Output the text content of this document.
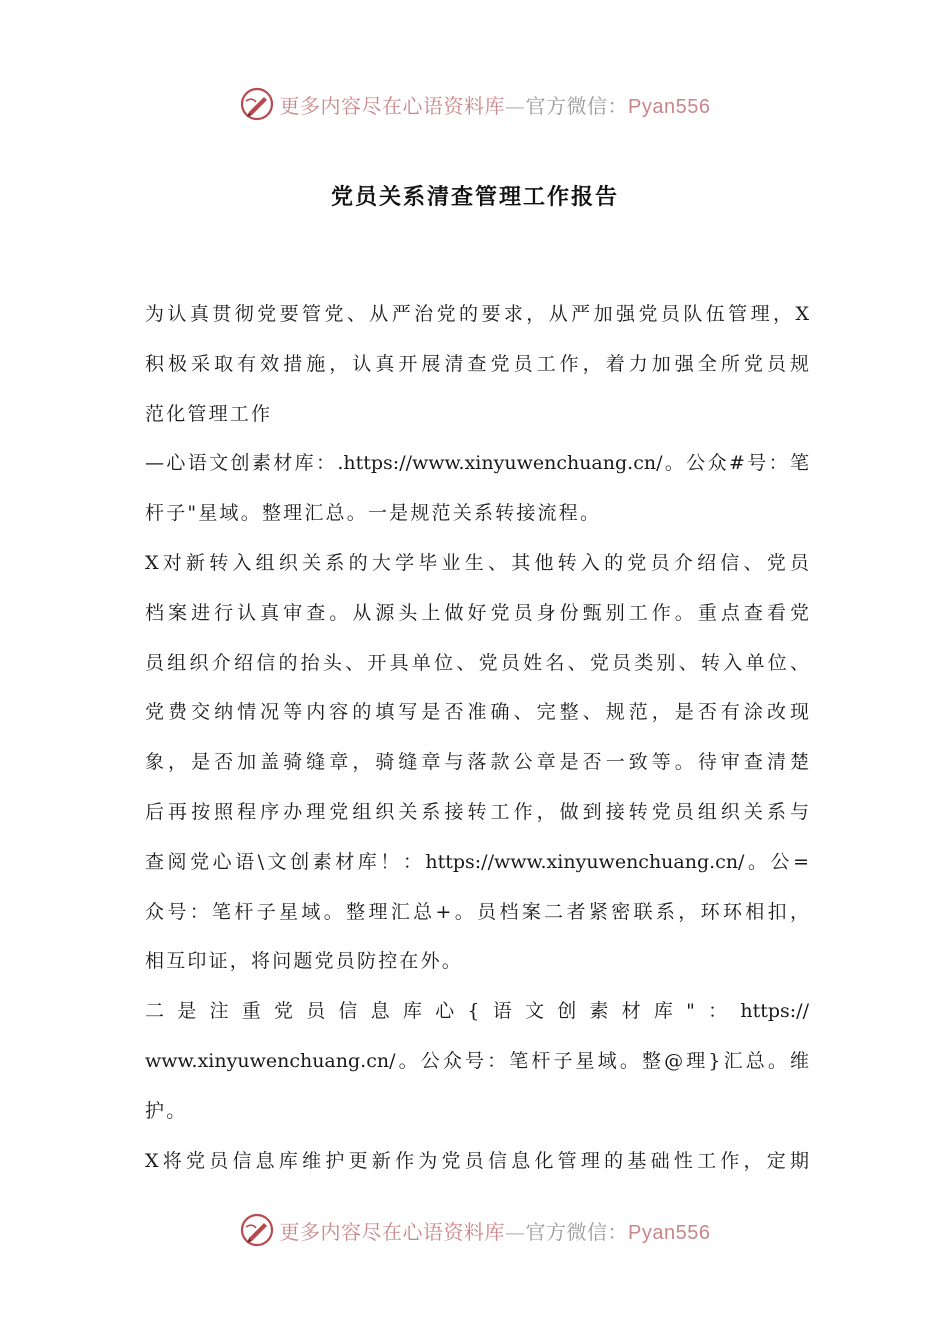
更多内容尽在心语资料库—官方微信：Pyan556
党员关系清查管理工作报告
为认真贯彻党要管党、从严治党的要求，从严加强党员队伍管理，X
积极采取有效措施，认真开展清查党员工作，着力加强全所党员规
范化管理工作
—心语文创素材库：.https://www.xinyuwenchuang.cn/。公众#号：笔
杆子"星域。整理汇总。一是规范关系转接流程。
X对新转入组织关系的大学毕业生、其他转入的党员介绍信、党员
档案进行认真审查。从源头上做好党员身份甄别工作。重点查看党
员组织介绍信的抬头、开具单位、党员姓名、党员类别、转入单位、
党费交纳情况等内容的填写是否准确、完整、规范，是否有涂改现
象，是否加盖骑缝章，骑缝章与落款公章是否一致等。待审查清楚
后再按照程序办理党组织关系接转工作，做到接转党员组织关系与
查阅党心语\文创素材库！：https://www.xinyuwenchuang.cn/。公=
众号：笔杆子星域。整理汇总+。员档案二者紧密联系，环环相扣，
相互印证，将问题党员防控在外。
二是注重党员信息库心{语文创素材库"：https://
www.xinyuwenchuang.cn/。公众号：笔杆子星域。整@理}汇总。维
护。
X将党员信息库维护更新作为党员信息化管理的基础性工作，定期
更多内容尽在心语资料库—官方微信：Pyan556
